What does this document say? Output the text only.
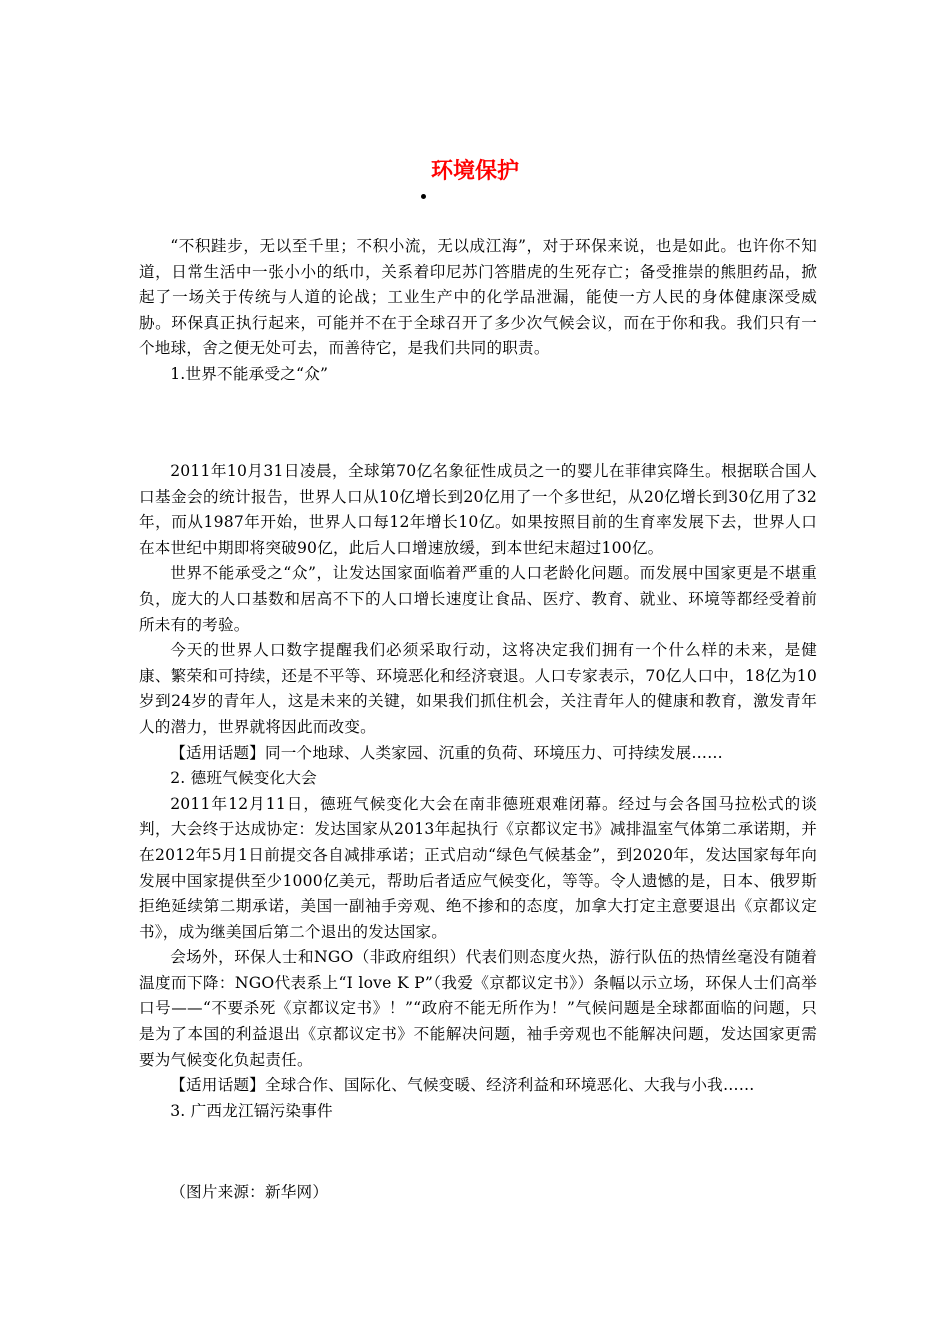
环境保护

“不积跬步，无以至千里；不积小流，无以成江海”，对于环保来说，也是如此。也许你不知道，日常生活中一张小小的纸巾，关系着印尼苏门答腊虎的生死存亡；备受推崇的熊胆药品，掀起了一场关于传统与人道的论战；工业生产中的化学品泄漏，能使一方人民的身体健康深受威胁。环保真正执行起来，可能并不在于全球召开了多少次气候会议，而在于你和我。我们只有一个地球，舍之便无处可去，而善待它，是我们共同的职责。

1.世界不能承受之“众”

2011年10月31日凌晨，全球第70亿名象征性成员之一的婴儿在菲律宾降生。根据联合国人口基金会的统计报告，世界人口从10亿增长到20亿用了一个多世纪，从20亿增长到30亿用了32年，而从1987年开始，世界人口每12年增长10亿。如果按照目前的生育率发展下去，世界人口在本世纪中期即将突破90亿，此后人口增速放缓，到本世纪末超过100亿。

世界不能承受之“众”，让发达国家面临着严重的人口老龄化问题。而发展中国家更是不堪重负，庞大的人口基数和居高不下的人口增长速度让食品、医疗、教育、就业、环境等都经受着前所未有的考验。

今天的世界人口数字提醒我们必须采取行动，这将决定我们拥有一个什么样的未来，是健康、繁荣和可持续，还是不平等、环境恶化和经济衰退。人口专家表示，70亿人口中，18亿为10岁到24岁的青年人，这是未来的关键，如果我们抓住机会，关注青年人的健康和教育，激发青年人的潜力，世界就将因此而改变。

【适用话题】同一个地球、人类家园、沉重的负荷、环境压力、可持续发展……

2. 德班气候变化大会

2011年12月11日，德班气候变化大会在南非德班艰难闭幕。经过与会各国马拉松式的谈判，大会终于达成协定：发达国家从2013年起执行《京都议定书》减排温室气体第二承诺期，并在2012年5月1日前提交各自减排承诺；正式启动“绿色气候基金”，到2020年，发达国家每年向发展中国家提供至少1000亿美元，帮助后者适应气候变化，等等。令人遗憾的是，日本、俄罗斯拒绝延续第二期承诺，美国一副袖手旁观、绝不掺和的态度，加拿大打定主意要退出《京都议定书》，成为继美国后第二个退出的发达国家。

会场外，环保人士和NGO（非政府组织）代表们则态度火热，游行队伍的热情丝毫没有随着温度而下降：NGO代表系上“I love K P”（我爱《京都议定书》）条幅以示立场，环保人士们高举口号——“不要杀死《京都议定书》！”“政府不能无所作为！”气候问题是全球都面临的问题，只是为了本国的利益退出《京都议定书》不能解决问题，袖手旁观也不能解决问题，发达国家更需要为气候变化负起责任。

【适用话题】全球合作、国际化、气候变暖、经济利益和环境恶化、大我与小我……

3. 广西龙江镉污染事件

（图片来源：新华网）
